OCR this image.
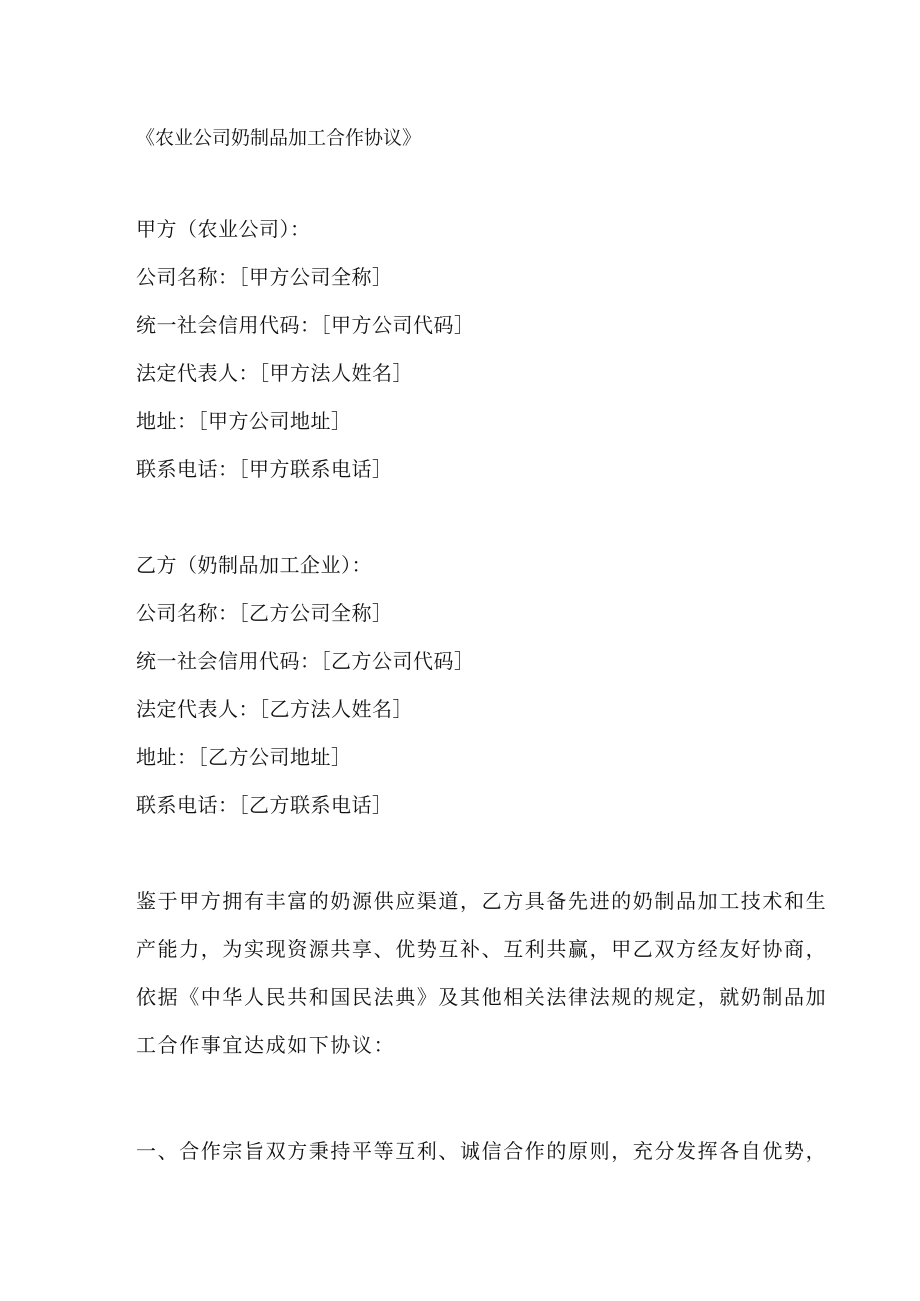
《农业公司奶制品加工合作协议》
甲方（农业公司）：
公司名称：［甲方公司全称］
统一社会信用代码：［甲方公司代码］
法定代表人：［甲方法人姓名］
地址：［甲方公司地址］
联系电话：［甲方联系电话］
乙方（奶制品加工企业）：
公司名称：［乙方公司全称］
统一社会信用代码：［乙方公司代码］
法定代表人：［乙方法人姓名］
地址：［乙方公司地址］
联系电话：［乙方联系电话］
鉴于甲方拥有丰富的奶源供应渠道，乙方具备先进的奶制品加工技术和生
产能力，为实现资源共享、优势互补、互利共赢，甲乙双方经友好协商，
依据《中华人民共和国民法典》及其他相关法律法规的规定，就奶制品加
工合作事宜达成如下协议：
一、合作宗旨双方秉持平等互利、诚信合作的原则，充分发挥各自优势，
